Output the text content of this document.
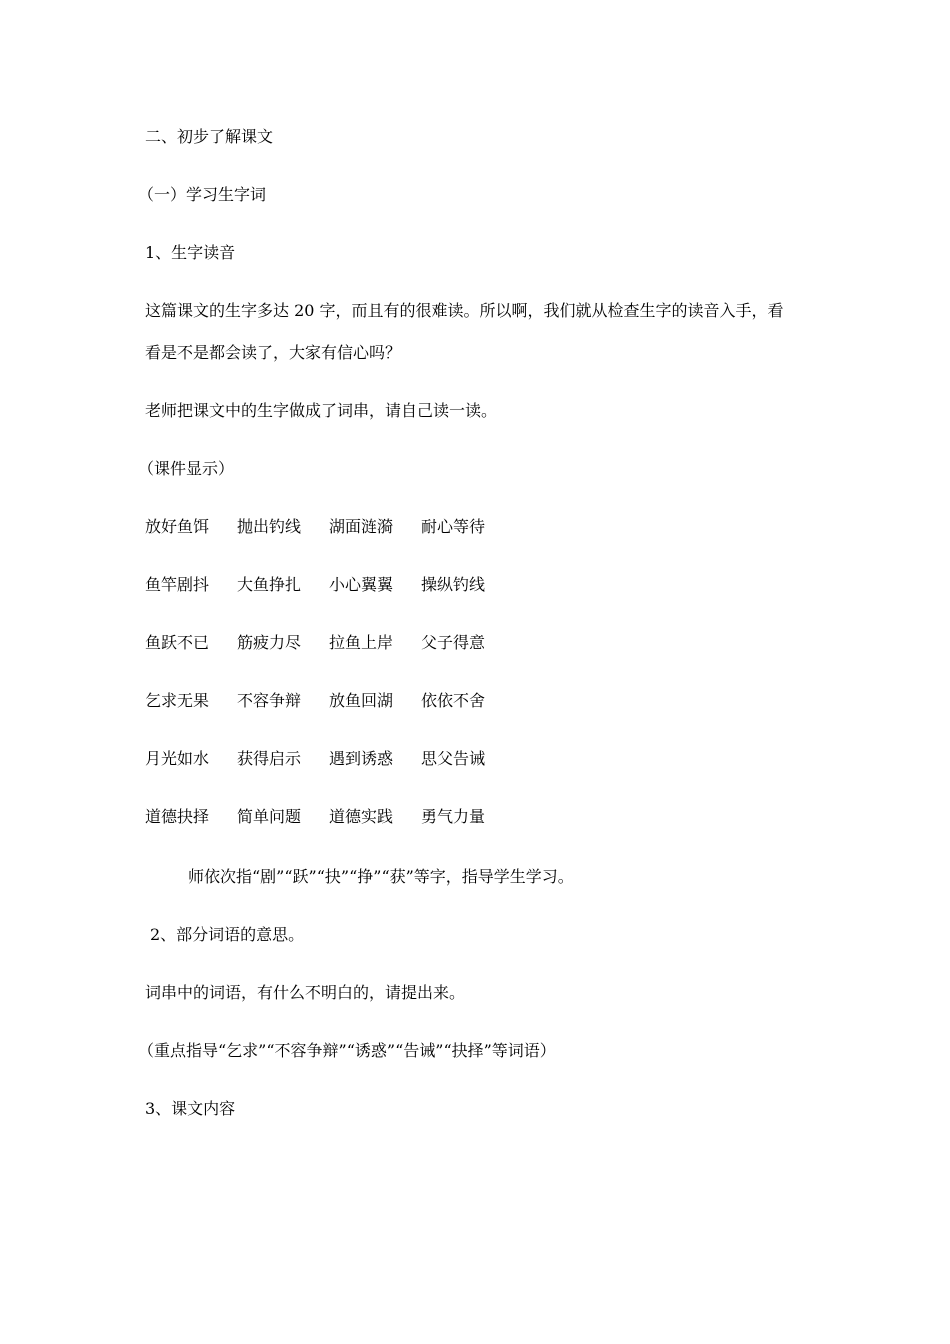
二、初步了解课文
（一）学习生字词
1、生字读音
这篇课文的生字多达 20 字，而且有的很难读。所以啊，我们就从检查生字的读音入手，看
看是不是都会读了，大家有信心吗？
老师把课文中的生字做成了词串，请自己读一读。
（课件显示）
放好鱼饵 抛出钓线 湖面涟漪 耐心等待
鱼竿剧抖 大鱼挣扎 小心翼翼 操纵钓线
鱼跃不已 筋疲力尽 拉鱼上岸 父子得意
乞求无果 不容争辩 放鱼回湖 依依不舍
月光如水 获得启示 遇到诱惑 思父告诫
道德抉择 简单问题 道德实践 勇气力量
师依次指“剧”“跃”“抉”“挣”“获”等字，指导学生学习。
2、部分词语的意思。
词串中的词语，有什么不明白的，请提出来。
（重点指导“乞求”“不容争辩”“诱惑”“告诫”“抉择”等词语）
3、课文内容
